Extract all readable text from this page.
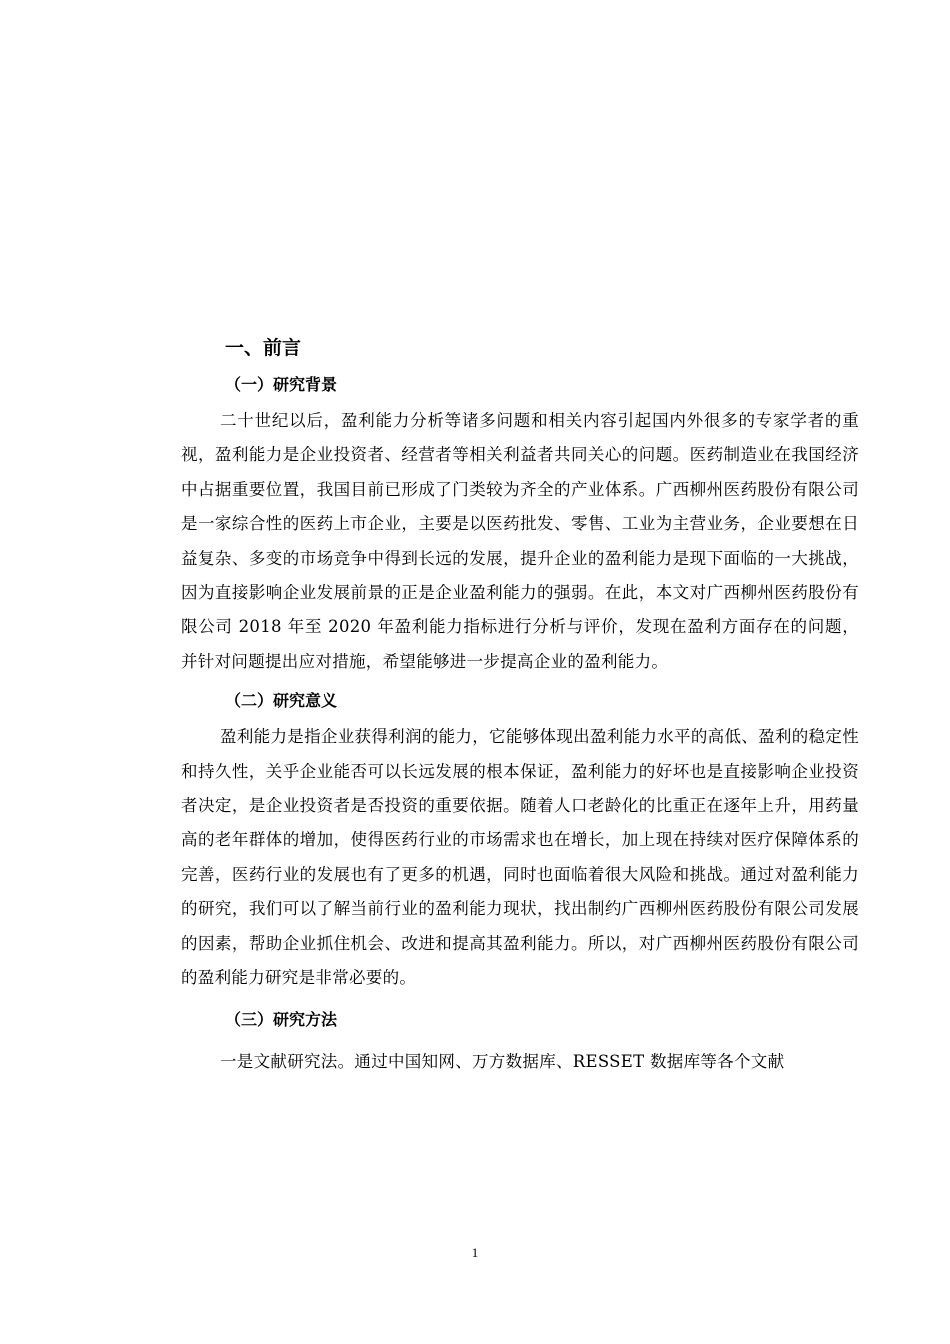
一、前言
（一）研究背景

二十世纪以后，盈利能力分析等诸多问题和相关内容引起国内外很多的专家学者的重视，盈利能力是企业投资者、经营者等相关利益者共同关心的问题。医药制造业在我国经济中占据重要位置，我国目前已形成了门类较为齐全的产业体系。广西柳州医药股份有限公司是一家综合性的医药上市企业，主要是以医药批发、零售、工业为主营业务，企业要想在日益复杂、多变的市场竞争中得到长远的发展，提升企业的盈利能力是现下面临的一大挑战，因为直接影响企业发展前景的正是企业盈利能力的强弱。在此，本文对广西柳州医药股份有限公司 2018 年至 2020 年盈利能力指标进行分析与评价，发现在盈利方面存在的问题，并针对问题提出应对措施，希望能够进一步提高企业的盈利能力。

（二）研究意义

盈利能力是指企业获得利润的能力，它能够体现出盈利能力水平的高低、盈利的稳定性和持久性，关乎企业能否可以长远发展的根本保证，盈利能力的好坏也是直接影响企业投资者决定，是企业投资者是否投资的重要依据。随着人口老龄化的比重正在逐年上升，用药量高的老年群体的增加，使得医药行业的市场需求也在增长，加上现在持续对医疗保障体系的完善，医药行业的发展也有了更多的机遇，同时也面临着很大风险和挑战。通过对盈利能力的研究，我们可以了解当前行业的盈利能力现状，找出制约广西柳州医药股份有限公司发展的因素，帮助企业抓住机会、改进和提高其盈利能力。所以，对广西柳州医药股份有限公司的盈利能力研究是非常必要的。

（三）研究方法

一是文献研究法。通过中国知网、万方数据库、RESSET 数据库等各个文献

1
